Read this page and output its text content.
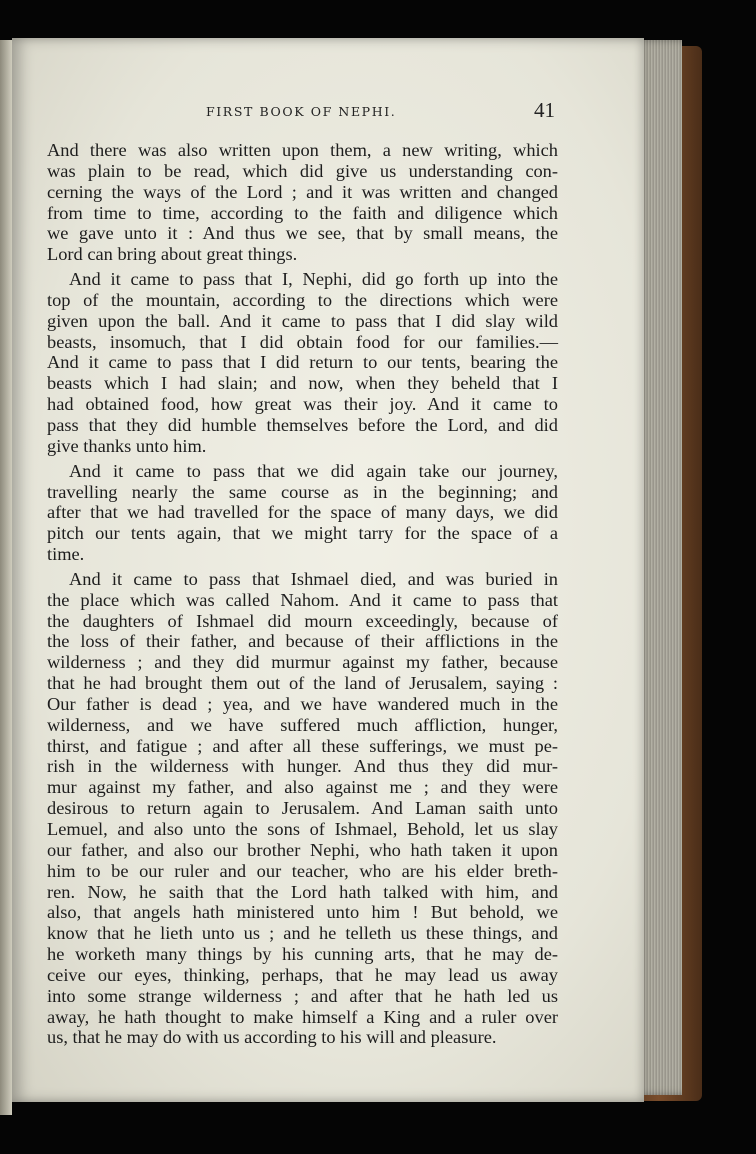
FIRST BOOK OF NEPHI.	41
And there was also written upon them, a new writing, which
was plain to be read, which did give us understanding con-
cerning the ways of the Lord ; and it was written and changed
from time to time, according to the faith and diligence which
we gave unto it : And thus we see, that by small means, the
Lord can bring about great things.
And it came to pass that I, Nephi, did go forth up into the
top of the mountain, according to the directions which were
given upon the ball. And it came to pass that I did slay wild
beasts, insomuch, that I did obtain food for our families.—
And it came to pass that I did return to our tents, bearing the
beasts which I had slain; and now, when they beheld that I
had obtained food, how great was their joy. And it came to
pass that they did humble themselves before the Lord, and did
give thanks unto him.
And it came to pass that we did again take our journey,
travelling nearly the same course as in the beginning; and
after that we had travelled for the space of many days, we did
pitch our tents again, that we might tarry for the space of a
time.
And it came to pass that Ishmael died, and was buried in
the place which was called Nahom. And it came to pass that
the daughters of Ishmael did mourn exceedingly, because of
the loss of their father, and because of their afflictions in the
wilderness ; and they did murmur against my father, because
that he had brought them out of the land of Jerusalem, saying :
Our father is dead ; yea, and we have wandered much in the
wilderness, and we have suffered much affliction, hunger,
thirst, and fatigue ; and after all these sufferings, we must pe-
rish in the wilderness with hunger. And thus they did mur-
mur against my father, and also against me ; and they were
desirous to return again to Jerusalem. And Laman saith unto
Lemuel, and also unto the sons of Ishmael, Behold, let us slay
our father, and also our brother Nephi, who hath taken it upon
him to be our ruler and our teacher, who are his elder breth-
ren. Now, he saith that the Lord hath talked with him, and
also, that angels hath ministered unto him ! But behold, we
know that he lieth unto us ; and he telleth us these things, and
he worketh many things by his cunning arts, that he may de-
ceive our eyes, thinking, perhaps, that he may lead us away
into some strange wilderness ; and after that he hath led us
away, he hath thought to make himself a King and a ruler over
us, that he may do with us according to his will and pleasure.
